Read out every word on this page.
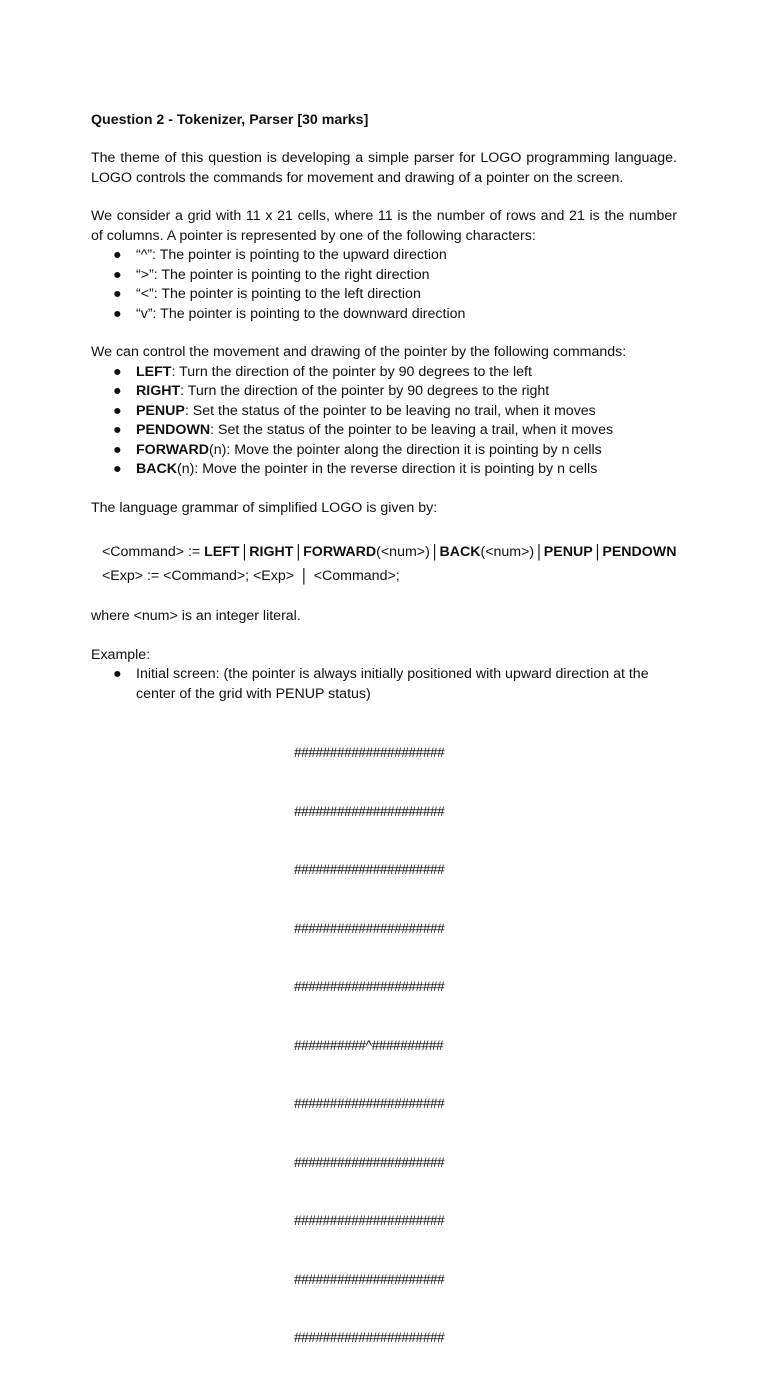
Question 2 - Tokenizer, Parser [30 marks]

The theme of this question is developing a simple parser for LOGO programming language. LOGO controls the commands for movement and drawing of a pointer on the screen.

We consider a grid with 11 x 21 cells, where 11 is the number of rows and 21 is the number of columns. A pointer is represented by one of the following characters:

● “^”: The pointer is pointing to the upward direction
● “>”: The pointer is pointing to the right direction
● “<”: The pointer is pointing to the left direction
● “v”: The pointer is pointing to the downward direction

We can control the movement and drawing of the pointer by the following commands:

● LEFT: Turn the direction of the pointer by 90 degrees to the left
● RIGHT: Turn the direction of the pointer by 90 degrees to the right
● PENUP: Set the status of the pointer to be leaving no trail, when it moves
● PENDOWN: Set the status of the pointer to be leaving a trail, when it moves
● FORWARD(n): Move the pointer along the direction it is pointing by n cells
● BACK(n): Move the pointer in the reverse direction it is pointing by n cells

The language grammar of simplified LOGO is given by:

<Command> := LEFT | RIGHT | FORWARD(<num>) | BACK(<num>) | PENUP | PENDOWN
<Exp> := <Command>; <Exp> | <Command>;

where <num> is an integer literal.

Example:

● Initial screen: (the pointer is always initially positioned with upward direction at the center of the grid with PENUP status)

#####################

#####################

#####################

#####################

#####################

##########^##########

#####################

#####################

#####################

#####################

#####################
